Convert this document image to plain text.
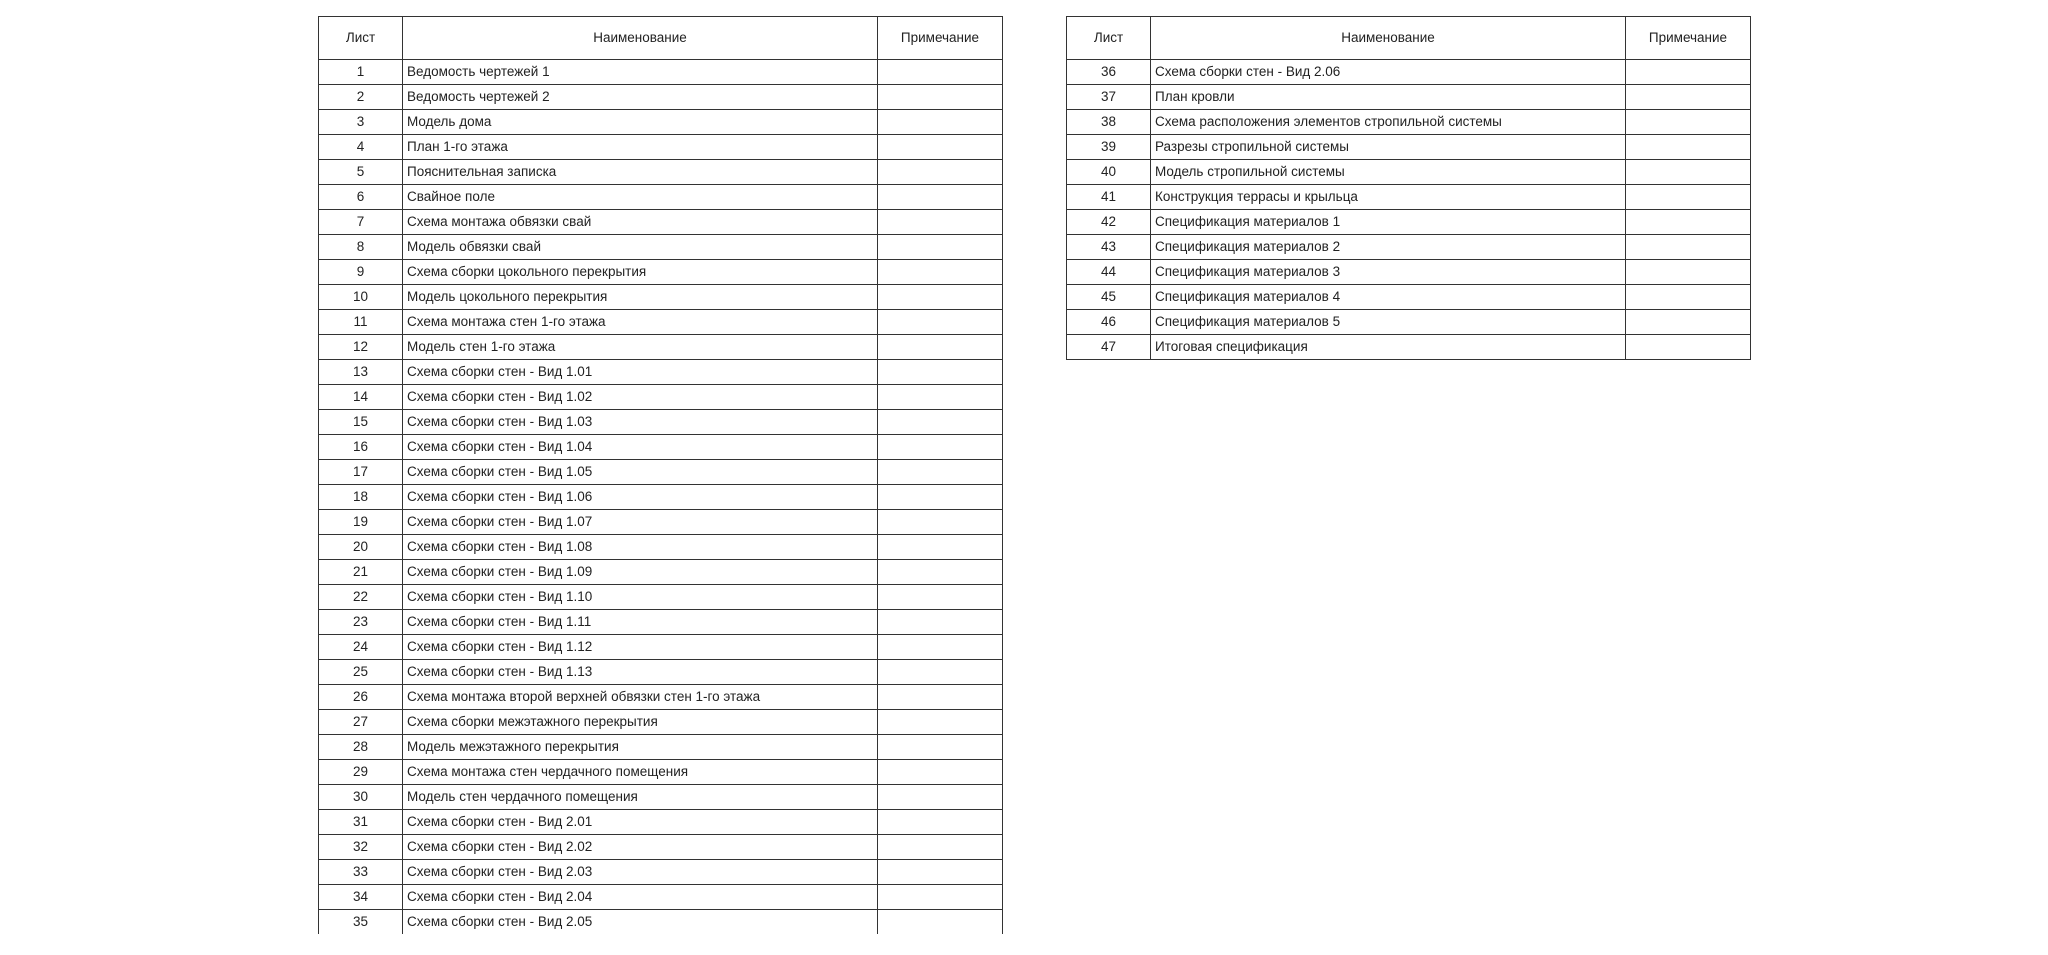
Лист	Наименование	Примечание
1	Ведомость чертежей 1	
2	Ведомость чертежей 2	
3	Модель дома	
4	План 1-го этажа	
5	Пояснительная записка	
6	Свайное поле	
7	Схема монтажа обвязки свай	
8	Модель обвязки свай	
9	Схема сборки цокольного перекрытия	
10	Модель цокольного перекрытия	
11	Схема монтажа стен 1-го этажа	
12	Модель стен 1-го этажа	
13	Схема сборки стен - Вид 1.01	
14	Схема сборки стен - Вид 1.02	
15	Схема сборки стен - Вид 1.03	
16	Схема сборки стен - Вид 1.04	
17	Схема сборки стен - Вид 1.05	
18	Схема сборки стен - Вид 1.06	
19	Схема сборки стен - Вид 1.07	
20	Схема сборки стен - Вид 1.08	
21	Схема сборки стен - Вид 1.09	
22	Схема сборки стен - Вид 1.10	
23	Схема сборки стен - Вид 1.11	
24	Схема сборки стен - Вид 1.12	
25	Схема сборки стен - Вид 1.13	
26	Схема монтажа второй верхней обвязки стен 1-го этажа	
27	Схема сборки межэтажного перекрытия	
28	Модель межэтажного перекрытия	
29	Схема монтажа стен чердачного помещения	
30	Модель стен чердачного помещения	
31	Схема сборки стен - Вид 2.01	
32	Схема сборки стен - Вид 2.02	
33	Схема сборки стен - Вид 2.03	
34	Схема сборки стен - Вид 2.04	
35	Схема сборки стен - Вид 2.05	
Лист	Наименование	Примечание
36	Схема сборки стен - Вид 2.06	
37	План кровли	
38	Схема расположения элементов стропильной системы	
39	Разрезы стропильной системы	
40	Модель стропильной системы	
41	Конструкция террасы и крыльца	
42	Спецификация материалов 1	
43	Спецификация материалов 2	
44	Спецификация материалов 3	
45	Спецификация материалов 4	
46	Спецификация материалов 5	
47	Итоговая спецификация	
